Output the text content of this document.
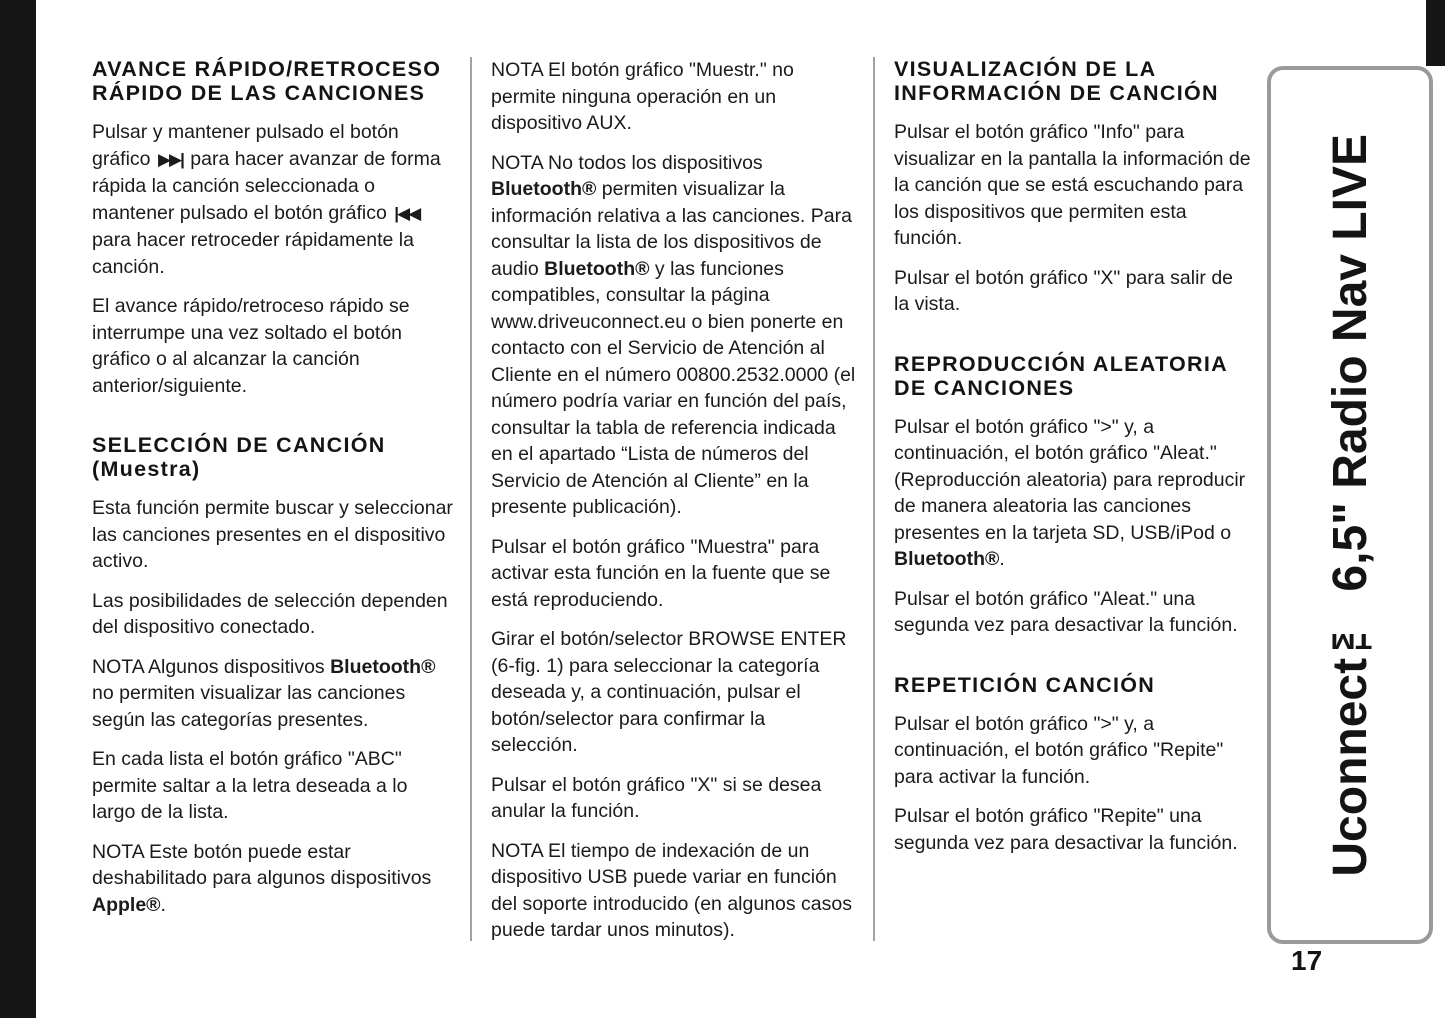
AVANCE RÁPIDO/RETROCESO RÁPIDO DE LAS CANCIONES

Pulsar y mantener pulsado el botón gráfico ▶▶| para hacer avanzar de forma rápida la canción seleccionada o mantener pulsado el botón gráfico |◀◀ para hacer retroceder rápidamente la canción.

El avance rápido/retroceso rápido se interrumpe una vez soltado el botón gráfico o al alcanzar la canción anterior/siguiente.

SELECCIÓN DE CANCIÓN (Muestra)

Esta función permite buscar y seleccionar las canciones presentes en el dispositivo activo.

Las posibilidades de selección dependen del dispositivo conectado.

NOTA Algunos dispositivos Bluetooth® no permiten visualizar las canciones según las categorías presentes.

En cada lista el botón gráfico "ABC" permite saltar a la letra deseada a lo largo de la lista.

NOTA Este botón puede estar deshabilitado para algunos dispositivos Apple®.

NOTA El botón gráfico "Muestr." no permite ninguna operación en un dispositivo AUX.

NOTA No todos los dispositivos Bluetooth® permiten visualizar la información relativa a las canciones. Para consultar la lista de los dispositivos de audio Bluetooth® y las funciones compatibles, consultar la página www.driveuconnect.eu o bien ponerte en contacto con el Servicio de Atención al Cliente en el número 00800.2532.0000 (el número podría variar en función del país, consultar la tabla de referencia indicada en el apartado “Lista de números del Servicio de Atención al Cliente” en la presente publicación).

Pulsar el botón gráfico "Muestra" para activar esta función en la fuente que se está reproduciendo.

Girar el botón/selector BROWSE ENTER (6-fig. 1) para seleccionar la categoría deseada y, a continuación, pulsar el botón/selector para confirmar la selección.

Pulsar el botón gráfico "X" si se desea anular la función.

NOTA El tiempo de indexación de un dispositivo USB puede variar en función del soporte introducido (en algunos casos puede tardar unos minutos).

VISUALIZACIÓN DE LA INFORMACIÓN DE CANCIÓN

Pulsar el botón gráfico "Info" para visualizar en la pantalla la información de la canción que se está escuchando para los dispositivos que permiten esta función.

Pulsar el botón gráfico "X" para salir de la vista.

REPRODUCCIÓN ALEATORIA DE CANCIONES

Pulsar el botón gráfico ">" y, a continuación, el botón gráfico "Aleat." (Reproducción aleatoria) para reproducir de manera aleatoria las canciones presentes en la tarjeta SD, USB/iPod o Bluetooth®.

Pulsar el botón gráfico "Aleat." una segunda vez para desactivar la función.

REPETICIÓN CANCIÓN

Pulsar el botón gráfico ">" y, a continuación, el botón gráfico "Repite" para activar la función.

Pulsar el botón gráfico "Repite" una segunda vez para desactivar la función. Uconnect™ 6,5" Radio Nav LIVE
17
